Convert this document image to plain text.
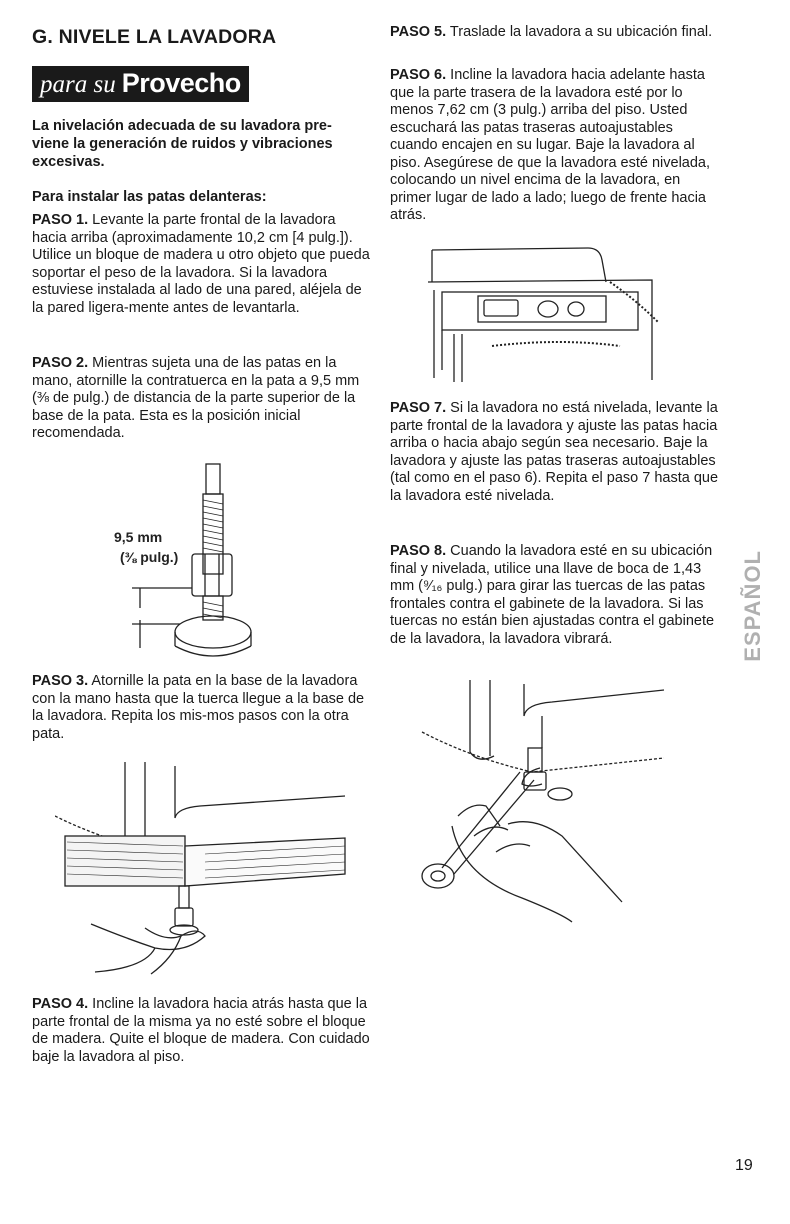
G. NIVELE LA LAVADORA
para su Provecho

La nivelación adecuada de su lavadora pre-viene la generación de ruidos y vibraciones excesivas.

Para instalar las patas delanteras:

PASO 1. Levante la parte frontal de la lavadora hacia arriba (aproximadamente 10,2 cm [4 pulg.]). Utilice un bloque de madera u otro objeto que pueda soportar el peso de la lavadora. Si la lavadora estuviese instalada al lado de una pared, aléjela de la pared ligera-mente antes de levantarla.

PASO 2. Mientras sujeta una de las patas en la mano, atornille la contratuerca en la pata a 9,5 mm (⅜ de pulg.) de distancia de la parte superior de la base de la pata. Esta es la posición inicial recomendada.

9,5 mm
(⅜ pulg.)

PASO 3. Atornille la pata en la base de la lavadora con la mano hasta que la tuerca llegue a la base de la lavadora. Repita los mis-mos pasos con la otra pata.

PASO 4. Incline la lavadora hacia atrás hasta que la parte frontal de la misma ya no esté sobre el bloque de madera. Quite el bloque de madera. Con cuidado baje la lavadora al piso.

PASO 5. Traslade la lavadora a su ubicación final.

PASO 6. Incline la lavadora hacia adelante hasta que la parte trasera de la lavadora esté por lo menos 7,62 cm (3 pulg.) arriba del piso. Usted escuchará las patas traseras autoajustables cuando encajen en su lugar. Baje la lavadora al piso. Asegúrese de que la lavadora esté nivelada, colocando un nivel encima de la lavadora, en primer lugar de lado a lado; luego de frente hacia atrás.

PASO 7. Si la lavadora no está nivelada, levante la parte frontal de la lavadora y ajuste las patas hacia arriba o hacia abajo según sea necesario. Baje la lavadora y ajuste las patas traseras autoajustables (tal como en el paso 6). Repita el paso 7 hasta que la lavadora esté nivelada.

PASO 8. Cuando la lavadora esté en su ubicación final y nivelada, utilice una llave de boca de 1,43 mm (⁹⁄₁₆ pulg.) para girar las tuercas de las patas frontales contra el gabinete de la lavadora. Si las tuercas no están bien ajustadas contra el gabinete de la lavadora, la lavadora vibrará.	ESPAÑOL
19
